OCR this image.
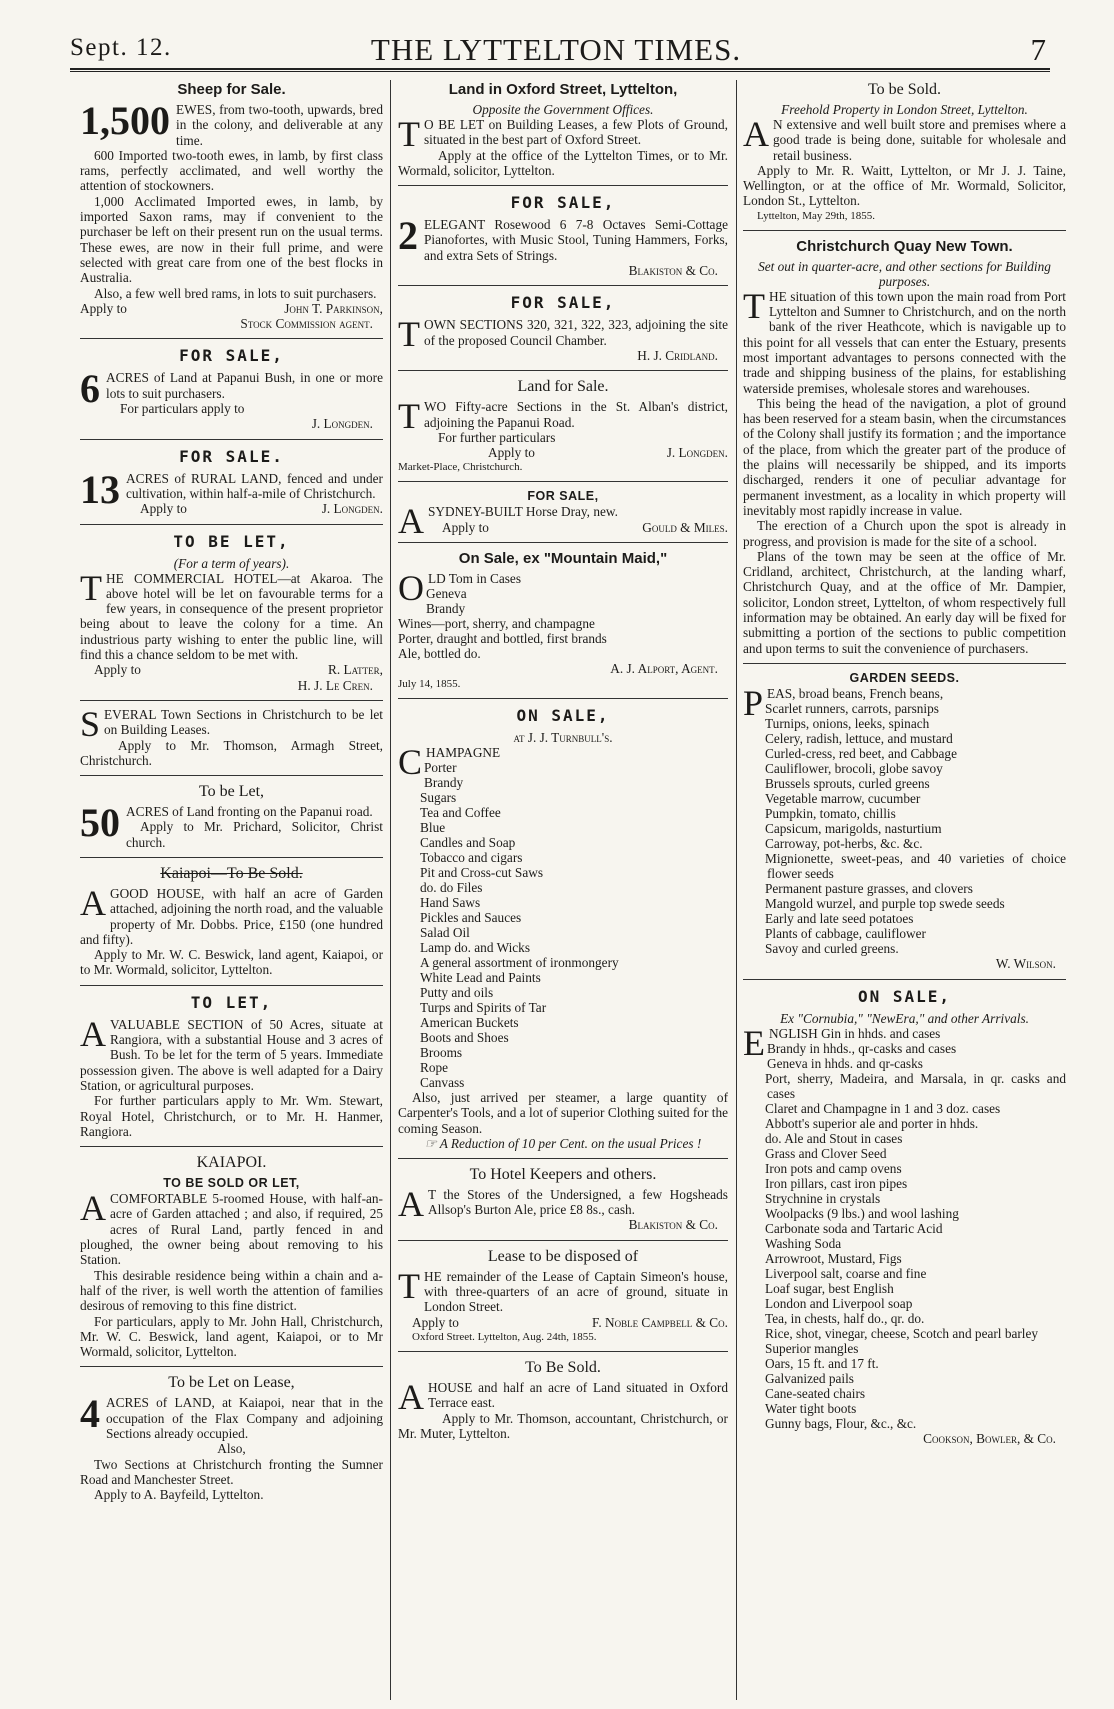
Sept. 12.	THE LYTTELTON TIMES.	7
Sheep for Sale.

1,500 EWES, from two-tooth, upwards, bred in the colony, and deliverable at any time.

600 Imported two-tooth ewes, in lamb, by first class rams, perfectly acclimated, and well worthy the attention of stockowners.

1,000 Acclimated Imported ewes, in lamb, by imported Saxon rams, may if convenient to the purchaser be left on their present run on the usual terms. These ewes, are now in their full prime, and were selected with great care from one of the best flocks in Australia.

Also, a few well bred rams, in lots to suit purchasers.

Apply to	John T. Parkinson,

Stock Commission agent.

FOR SALE,

6 ACRES of Land at Papanui Bush, in one or more lots to suit purchasers.

For particulars apply to

J. Longden.

FOR SALE.

13 ACRES of RURAL LAND, fenced and under cultivation, within half-a-mile of Christchurch.

Apply to	J. Longden.

TO BE LET,
(For a term of years).

THE COMMERCIAL HOTEL—at Akaroa. The above hotel will be let on favourable terms for a few years, in consequence of the present proprietor being about to leave the colony for a time. An industrious party wishing to enter the public line, will find this a chance seldom to be met with.

Apply to	R. Latter,

H. J. Le Cren.

SEVERAL Town Sections in Christchurch to be let on Building Leases.

Apply to Mr. Thomson, Armagh Street, Christchurch.

To be Let,

50 ACRES of Land fronting on the Papanui road.

Apply to Mr. Prichard, Solicitor, Christ church.

Kaiapoi—To Be Sold.

AGOOD HOUSE, with half an acre of Garden attached, adjoining the north road, and the valuable property of Mr. Dobbs. Price, £150 (one hundred and fifty).

Apply to Mr. W. C. Beswick, land agent, Kaiapoi, or to Mr. Wormald, solicitor, Lyttelton.

TO LET,

AVALUABLE SECTION of 50 Acres, situate at Rangiora, with a substantial House and 3 acres of Bush. To be let for the term of 5 years. Immediate possession given. The above is well adapted for a Dairy Station, or agricultural purposes.

For further particulars apply to Mr. Wm. Stewart, Royal Hotel, Christchurch, or to Mr. H. Hanmer, Rangiora.

KAIAPOI.
TO BE SOLD OR LET,

ACOMFORTABLE 5-roomed House, with half-an-acre of Garden attached ; and also, if required, 25 acres of Rural Land, partly fenced in and ploughed, the owner being about removing to his Station.

This desirable residence being within a chain and a-half of the river, is well worth the attention of families desirous of removing to this fine district.

For particulars, apply to Mr. John Hall, Christchurch, Mr. W. C. Beswick, land agent, Kaiapoi, or to Mr Wormald, solicitor, Lyttelton.

To be Let on Lease,

4 ACRES of LAND, at Kaiapoi, near that in the occupation of the Flax Company and adjoining Sections already occupied.

Also,

Two Sections at Christchurch fronting the Sumner Road and Manchester Street.

Apply to A. Bayfeild, Lyttelton.

Land in Oxford Street, Lyttelton,
Opposite the Government Offices.

T O BE LET on Building Leases, a few Plots of Ground, situated in the best part of Oxford Street.

Apply at the office of the Lyttelton Times, or to Mr. Wormald, solicitor, Lyttelton.

FOR SALE,

2 ELEGANT Rosewood 6 7-8 Octaves Semi-Cottage Pianofortes, with Music Stool, Tuning Hammers, Forks, and extra Sets of Strings.

Blakiston & Co.

FOR SALE,

TOWN SECTIONS 320, 321, 322, 323, adjoining the site of the proposed Council Chamber.

H. J. Cridland.

Land for Sale.

TWO Fifty-acre Sections in the St. Alban's district, adjoining the Papanui Road.

For further particulars

Apply to	J. Longden.

Market-Place, Christchurch.

FOR SALE,

ASYDNEY-BUILT Horse Dray, new.

Apply to	Gould & Miles.

On Sale, ex "Mountain Maid,"

OLD Tom in Cases

Geneva

Brandy

Wines—port, sherry, and champagne

Porter, draught and bottled, first brands

Ale, bottled do.

A. J. Alport, Agent.

July 14, 1855.

ON SALE,
at J. J. Turnbull's.

CHAMPAGNE

Porter

Brandy

Sugars

Tea and Coffee

Blue

Candles and Soap

Tobacco and cigars

Pit and Cross-cut Saws

do. do Files

Hand Saws

Pickles and Sauces

Salad Oil

Lamp do. and Wicks

A general assortment of ironmongery

White Lead and Paints

Putty and oils

Turps and Spirits of Tar

American Buckets

Boots and Shoes

Brooms

Rope

Canvass

Also, just arrived per steamer, a large quantity of Carpenter's Tools, and a lot of superior Clothing suited for the coming Season.

☞ A Reduction of 10 per Cent. on the usual Prices !

To Hotel Keepers and others.

A T the Stores of the Undersigned, a few Hogsheads Allsop's Burton Ale, price £8 8s., cash.

Blakiston & Co.

Lease to be disposed of

THE remainder of the Lease of Captain Simeon's house, with three-quarters of an acre of ground, situate in London Street.

Apply to	F. Noble Campbell & Co.

Oxford Street. Lyttelton, Aug. 24th, 1855.

To Be Sold.

AHOUSE and half an acre of Land situated in Oxford Terrace east.

Apply to Mr. Thomson, accountant, Christchurch, or Mr. Muter, Lyttelton.

To be Sold.
Freehold Property in London Street, Lyttelton.

A N extensive and well built store and premises where a good trade is being done, suitable for wholesale and retail business.

Apply to Mr. R. Waitt, Lyttelton, or Mr J. J. Taine, Wellington, or at the office of Mr. Wormald, Solicitor, London St., Lyttelton.

Lyttelton, May 29th, 1855.

Christchurch Quay New Town.
Set out in quarter-acre, and other sections for Building purposes.

THE situation of this town upon the main road from Port Lyttelton and Sumner to Christchurch, and on the north bank of the river Heathcote, which is navigable up to this point for all vessels that can enter the Estuary, presents most important advantages to persons connected with the trade and shipping business of the plains, for establishing waterside premises, wholesale stores and warehouses.

This being the head of the navigation, a plot of ground has been reserved for a steam basin, when the circumstances of the Colony shall justify its formation ; and the importance of the place, from which the greater part of the produce of the plains will necessarily be shipped, and its imports discharged, renders it one of peculiar advantage for permanent investment, as a locality in which property will inevitably most rapidly increase in value.

The erection of a Church upon the spot is already in progress, and provision is made for the site of a school.

Plans of the town may be seen at the office of Mr. Cridland, architect, Christchurch, at the landing wharf, Christchurch Quay, and at the office of Mr. Dampier, solicitor, London street, Lyttelton, of whom respectively full information may be obtained. An early day will be fixed for submitting a portion of the sections to public competition and upon terms to suit the convenience of purchasers.

GARDEN SEEDS.

PEAS, broad beans, French beans,

Scarlet runners, carrots, parsnips

Turnips, onions, leeks, spinach

Celery, radish, lettuce, and mustard

Curled-cress, red beet, and Cabbage

Cauliflower, brocoli, globe savoy

Brussels sprouts, curled greens

Vegetable marrow, cucumber

Pumpkin, tomato, chillis

Capsicum, marigolds, nasturtium

Carroway, pot-herbs, &c. &c.

Mignionette, sweet-peas, and 40 varieties of choice flower seeds

Permanent pasture grasses, and clovers

Mangold wurzel, and purple top swede seeds

Early and late seed potatoes

Plants of cabbage, cauliflower

Savoy and curled greens.

W. Wilson.

ON SALE,
Ex "Cornubia," "NewEra," and other Arrivals.

ENGLISH Gin in hhds. and cases

Brandy in hhds., qr-casks and cases

Geneva in hhds. and qr-casks

Port, sherry, Madeira, and Marsala, in qr. casks and cases

Claret and Champagne in 1 and 3 doz. cases

Abbott's superior ale and porter in hhds.

do. Ale and Stout in cases

Grass and Clover Seed

Iron pots and camp ovens

Iron pillars, cast iron pipes

Strychnine in crystals

Woolpacks (9 lbs.) and wool lashing

Carbonate soda and Tartaric Acid

Washing Soda

Arrowroot, Mustard, Figs

Liverpool salt, coarse and fine

Loaf sugar, best English

London and Liverpool soap

Tea, in chests, half do., qr. do.

Rice, shot, vinegar, cheese, Scotch and pearl barley

Superior mangles

Oars, 15 ft. and 17 ft.

Galvanized pails

Cane-seated chairs

Water tight boots

Gunny bags, Flour, &c., &c.

Cookson, Bowler, & Co.
